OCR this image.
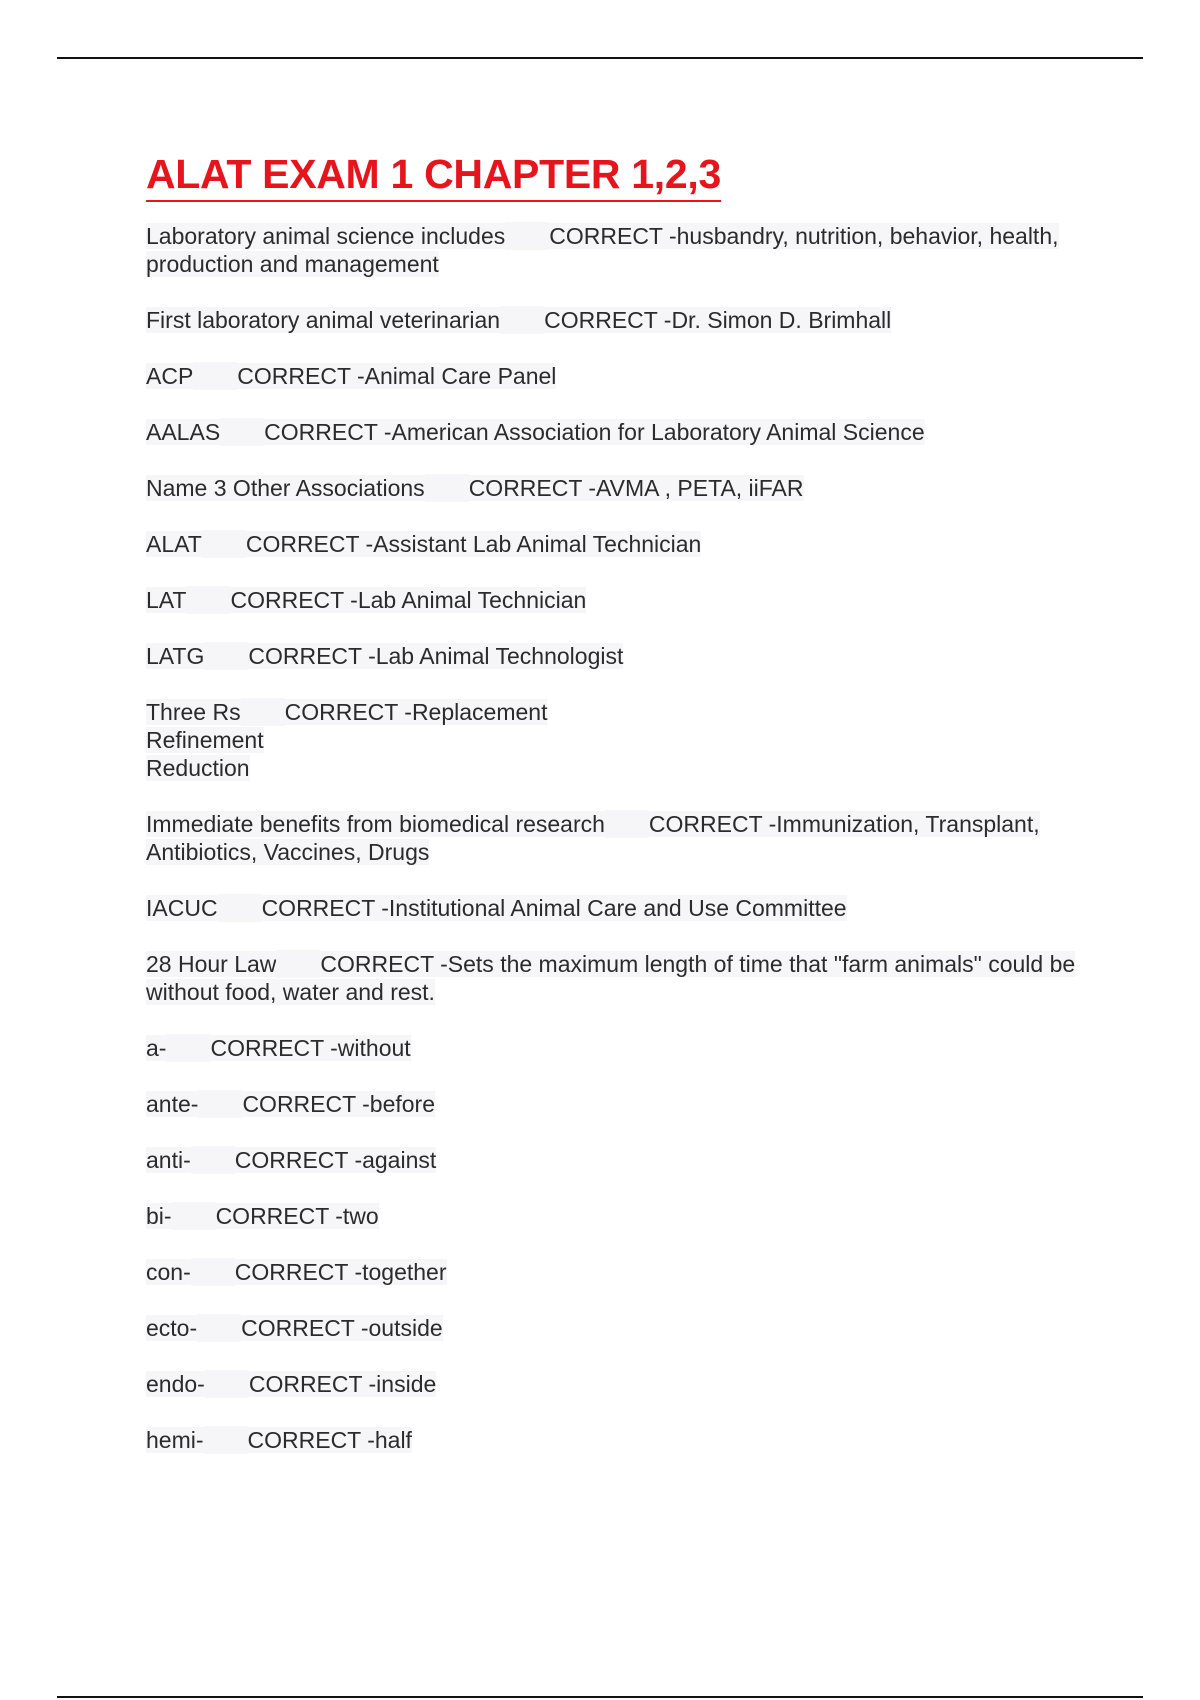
ALAT EXAM 1 CHAPTER 1,2,3
Laboratory animal science includes CORRECT -husbandry, nutrition, behavior, health, production and management
First laboratory animal veterinarian CORRECT -Dr. Simon D. Brimhall
ACP CORRECT -Animal Care Panel
AALAS CORRECT -American Association for Laboratory Animal Science
Name 3 Other Associations CORRECT -AVMA , PETA, iiFAR
ALAT CORRECT -Assistant Lab Animal Technician
LAT CORRECT -Lab Animal Technician
LATG CORRECT -Lab Animal Technologist
Three Rs CORRECT -Replacement
Refinement
Reduction
Immediate benefits from biomedical research CORRECT -Immunization, Transplant, Antibiotics, Vaccines, Drugs
IACUC CORRECT -Institutional Animal Care and Use Committee
28 Hour Law CORRECT -Sets the maximum length of time that "farm animals" could be without food, water and rest.
a- CORRECT -without
ante- CORRECT -before
anti- CORRECT -against
bi- CORRECT -two
con- CORRECT -together
ecto- CORRECT -outside
endo- CORRECT -inside
hemi- CORRECT -half
